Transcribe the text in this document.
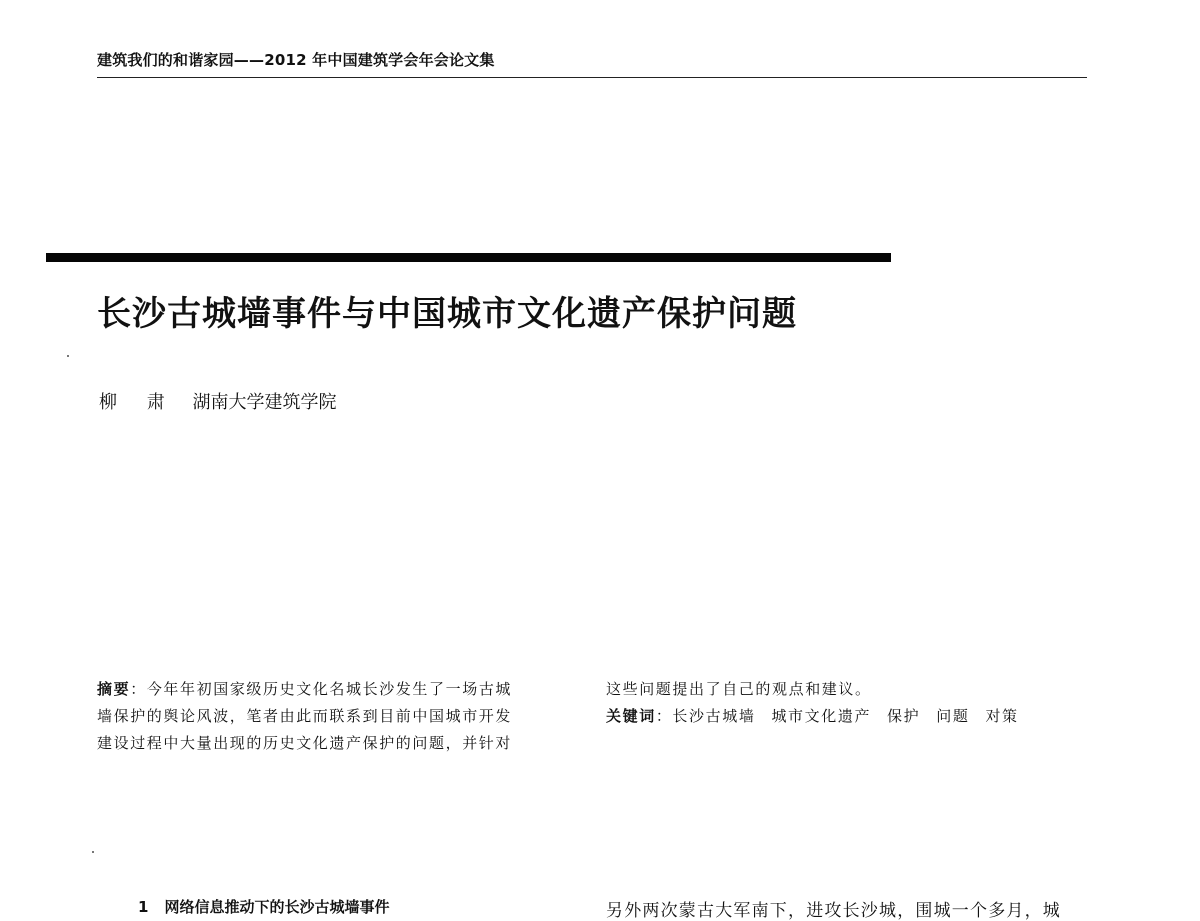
建筑我们的和谐家园——2012 年中国建筑学会年会论文集
长沙古城墙事件与中国城市文化遗产保护问题
柳 肃 湖南大学建筑学院
摘要：今年年初国家级历史文化名城长沙发生了一场古城
墙保护的舆论风波，笔者由此而联系到目前中国城市开发
建设过程中大量出现的历史文化遗产保护的问题，并针对
这些问题提出了自己的观点和建议。
关键词：长沙古城墙 城市文化遗产 保护 问题 对策
1 网络信息推动下的长沙古城墙事件	另外两次蒙古大军南下，进攻长沙城，围城一个多月，城
